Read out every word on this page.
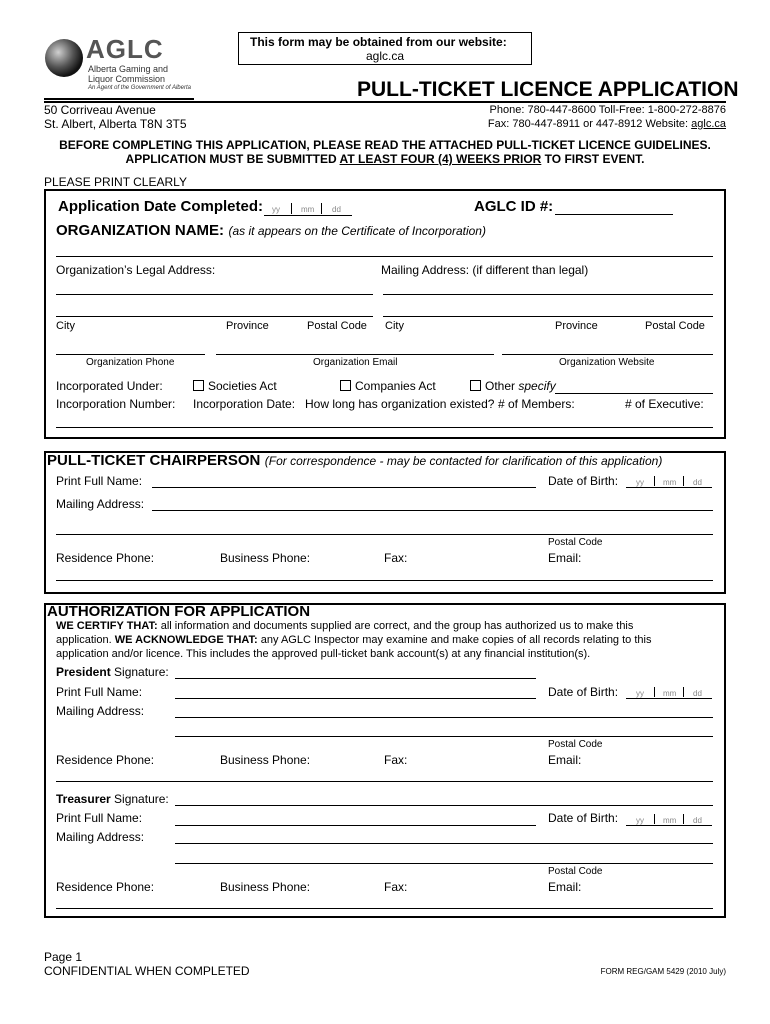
This form may be obtained from our website:
aglc.ca
AGLC
Alberta Gaming and
Liquor Commission
An Agent of the Government of Alberta	PULL-TICKET LICENCE APPLICATION
50 Corriveau Avenue
St. Albert, Alberta T8N 3T5
Phone: 780-447-8600 Toll-Free: 1-800-272-8876
Fax: 780-447-8911 or 447-8912 Website: aglc.ca
BEFORE COMPLETING THIS APPLICATION, PLEASE READ THE ATTACHED PULL-TICKET LICENCE GUIDELINES.
APPLICATION MUST BE SUBMITTED AT LEAST FOUR (4) WEEKS PRIOR TO FIRST EVENT.
PLEASE PRINT CLEARLY
Application Date Completed: yy	mm dd	AGLC ID #:
ORGANIZATION NAME: (as it appears on the Certificate of Incorporation)
Organization’s Legal Address:	Mailing Address: (if different than legal)
City	Province	Postal Code City	Province	Postal Code
Organization Phone	Organization Email	Organization Website
Incorporated Under:	Societies Act	Companies Act	Other specify
Incorporation Number: Incorporation Date: How long has organization existed? # of Members:	# of Executive:
PULL-TICKET CHAIRPERSON (For correspondence - may be contacted for clarification of this application)
Print Full Name:	Date of Birth: yy mm dd
Mailing Address:
Postal Code
Residence Phone:	Business Phone:	Fax:	Email:
AUTHORIZATION FOR APPLICATION
WE CERTIFY THAT: all information and documents supplied are correct, and the group has authorized us to make this
application. WE ACKNOWLEDGE THAT: any AGLC Inspector may examine and make copies of all records relating to this
application and/or licence. This includes the approved pull-ticket bank account(s) at any financial institution(s).
President Signature:
Print Full Name:	Date of Birth: yy mm dd
Mailing Address:
Postal Code
Residence Phone:	Business Phone:	Fax:	Email:
Treasurer Signature:
Print Full Name:	Date of Birth: yy mm dd
Mailing Address:
Postal Code
Residence Phone:	Business Phone:	Fax:	Email:
Page 1
CONFIDENTIAL WHEN COMPLETED	FORM REG/GAM 5429 (2010 July)
